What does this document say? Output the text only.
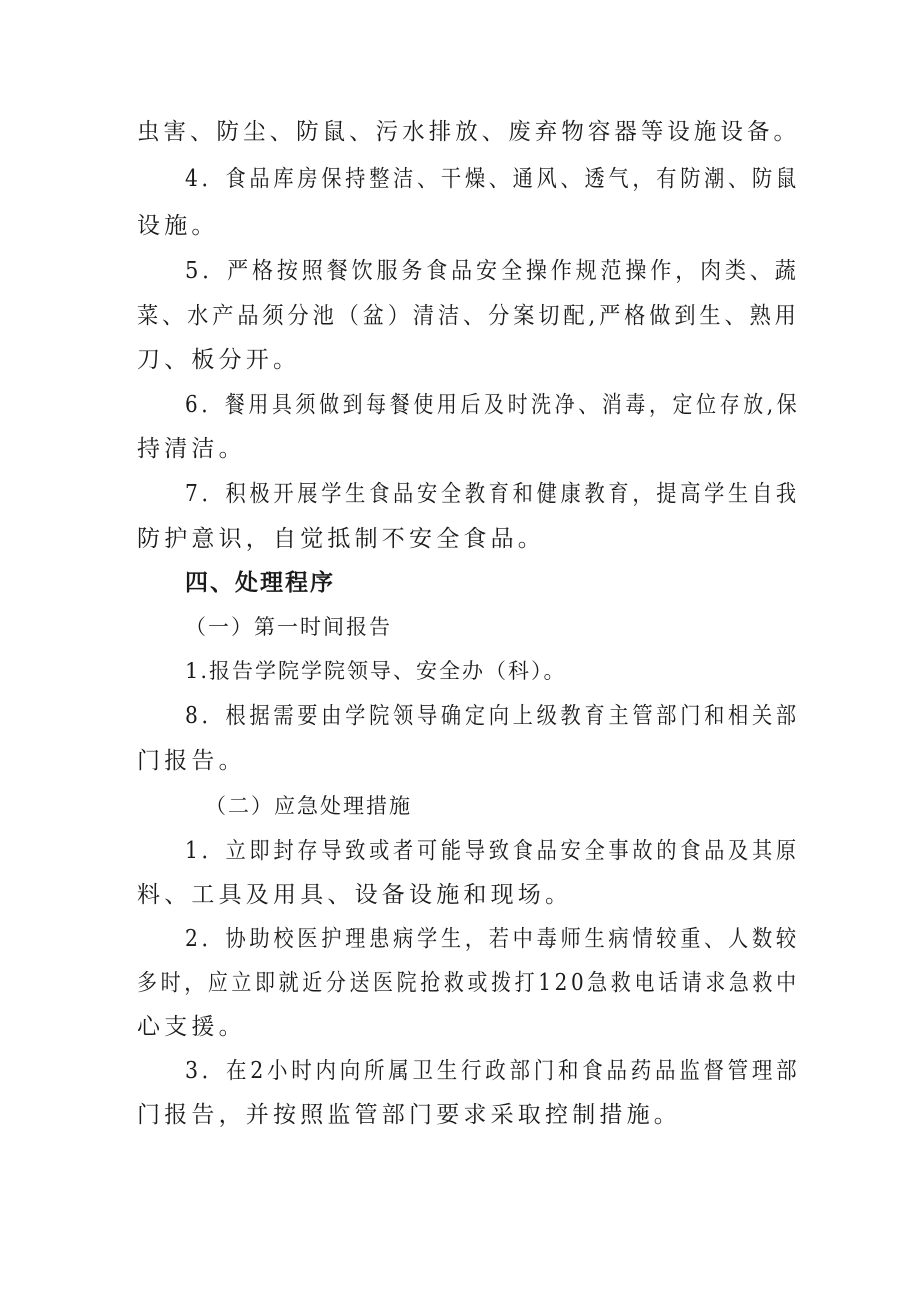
虫害、防尘、防鼠、污水排放、废弃物容器等设施设备。
4．食品库房保持整洁、干燥、通风、透气，有防潮、防鼠
设施。
5．严格按照餐饮服务食品安全操作规范操作，肉类、蔬
菜、水产品须分池（盆）清洁、分案切配,严格做到生、熟用
刀、板分开。
6．餐用具须做到每餐使用后及时洗净、消毒，定位存放,保
持清洁。
7．积极开展学生食品安全教育和健康教育，提高学生自我
防护意识，自觉抵制不安全食品。
四、处理程序
（一）第一时间报告
1.报告学院学院领导、安全办（科）。
8．根据需要由学院领导确定向上级教育主管部门和相关部
门报告。
（二）应急处理措施
1．立即封存导致或者可能导致食品安全事故的食品及其原
料、工具及用具、设备设施和现场。
2．协助校医护理患病学生，若中毒师生病情较重、人数较
多时，应立即就近分送医院抢救或拨打120急救电话请求急救中
心支援。
3．在2小时内向所属卫生行政部门和食品药品监督管理部
门报告，并按照监管部门要求采取控制措施。
